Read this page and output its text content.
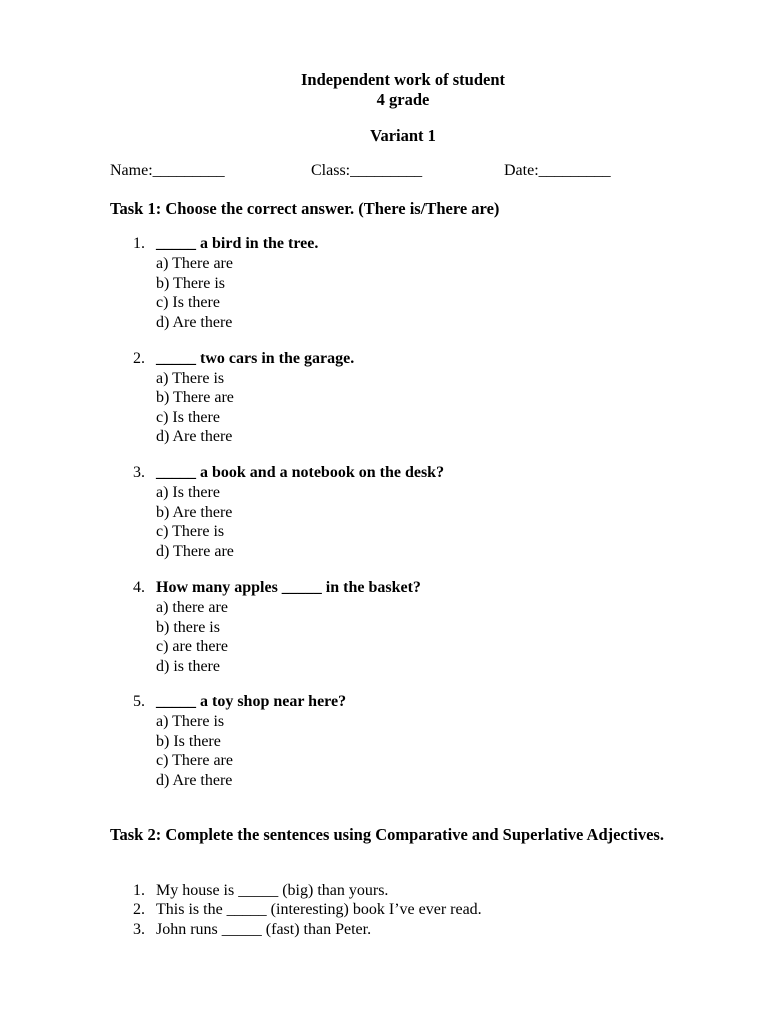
Independent work of student
4 grade
Variant 1
Name:_________	Class:_________	Date:_________
Task 1: Choose the correct answer. (There is/There are)
1. _____ a bird in the tree.
a) There are
b) There is
c) Is there
d) Are there
2. _____ two cars in the garage.
a) There is
b) There are
c) Is there
d) Are there
3. _____ a book and a notebook on the desk?
a) Is there
b) Are there
c) There is
d) There are
4. How many apples _____ in the basket?
a) there are
b) there is
c) are there
d) is there
5. _____ a toy shop near here?
a) There is
b) Is there
c) There are
d) Are there
Task 2: Complete the sentences using Comparative and Superlative Adjectives.
1. My house is _____ (big) than yours.
2. This is the _____ (interesting) book I’ve ever read.
3. John runs _____ (fast) than Peter.
